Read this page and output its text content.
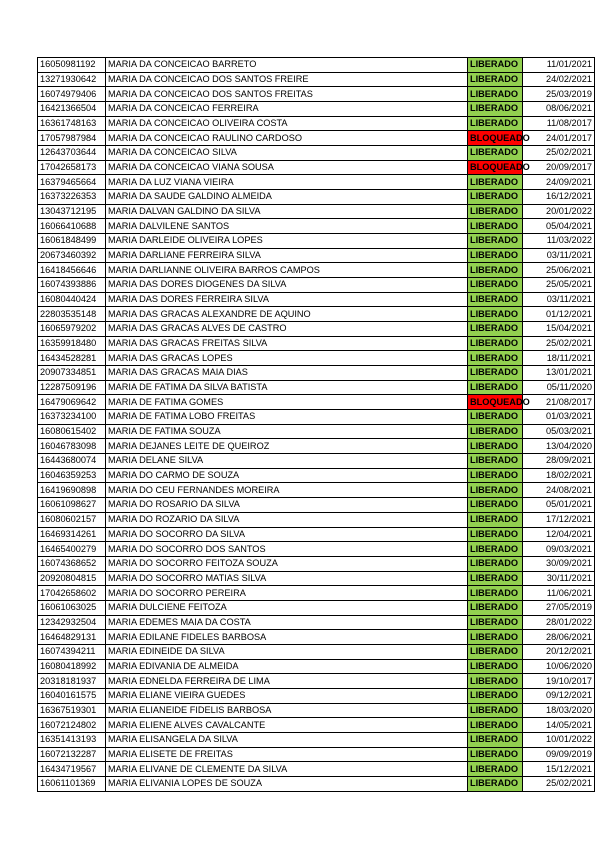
16050981192	MARIA DA CONCEICAO BARRETO	LIBERADO	11/01/2021
13271930642	MARIA DA CONCEICAO DOS SANTOS FREIRE	LIBERADO	24/02/2021
16074979406	MARIA DA CONCEICAO DOS SANTOS FREITAS	LIBERADO	25/03/2019
16421366504	MARIA DA CONCEICAO FERREIRA	LIBERADO	08/06/2021
16361748163	MARIA DA CONCEICAO OLIVEIRA COSTA	LIBERADO	11/08/2017
17057987984	MARIA DA CONCEICAO RAULINO CARDOSO	BLOQUEADO	24/01/2017
12643703644	MARIA DA CONCEICAO SILVA	LIBERADO	25/02/2021
17042658173	MARIA DA CONCEICAO VIANA SOUSA	BLOQUEADO	20/09/2017
16379465664	MARIA DA LUZ VIANA VIEIRA	LIBERADO	24/09/2021
16373226353	MARIA DA SAUDE GALDINO ALMEIDA	LIBERADO	16/12/2021
13043712195	MARIA DALVAN GALDINO DA SILVA	LIBERADO	20/01/2022
16066410688	MARIA DALVILENE SANTOS	LIBERADO	05/04/2021
16061848499	MARIA DARLEIDE OLIVEIRA LOPES	LIBERADO	11/03/2022
20673460392	MARIA DARLIANE FERREIRA SILVA	LIBERADO	03/11/2021
16418456646	MARIA DARLIANNE OLIVEIRA BARROS CAMPOS	LIBERADO	25/06/2021
16074393886	MARIA DAS DORES DIOGENES DA SILVA	LIBERADO	25/05/2021
16080440424	MARIA DAS DORES FERREIRA SILVA	LIBERADO	03/11/2021
22803535148	MARIA DAS GRACAS ALEXANDRE DE AQUINO	LIBERADO	01/12/2021
16065979202	MARIA DAS GRACAS ALVES DE CASTRO	LIBERADO	15/04/2021
16359918480	MARIA DAS GRACAS FREITAS SILVA	LIBERADO	25/02/2021
16434528281	MARIA DAS GRACAS LOPES	LIBERADO	18/11/2021
20907334851	MARIA DAS GRACAS MAIA DIAS	LIBERADO	13/01/2021
12287509196	MARIA DE FATIMA DA SILVA BATISTA	LIBERADO	05/11/2020
16479069642	MARIA DE FATIMA GOMES	BLOQUEADO	21/08/2017
16373234100	MARIA DE FATIMA LOBO FREITAS	LIBERADO	01/03/2021
16080615402	MARIA DE FATIMA SOUZA	LIBERADO	05/03/2021
16046783098	MARIA DEJANES LEITE DE QUEIROZ	LIBERADO	13/04/2020
16443680074	MARIA DELANE SILVA	LIBERADO	28/09/2021
16046359253	MARIA DO CARMO DE SOUZA	LIBERADO	18/02/2021
16419690898	MARIA DO CEU FERNANDES MOREIRA	LIBERADO	24/08/2021
16061098627	MARIA DO ROSARIO DA SILVA	LIBERADO	05/01/2021
16080602157	MARIA DO ROZARIO DA SILVA	LIBERADO	17/12/2021
16469314261	MARIA DO SOCORRO DA SILVA	LIBERADO	12/04/2021
16465400279	MARIA DO SOCORRO DOS SANTOS	LIBERADO	09/03/2021
16074368652	MARIA DO SOCORRO FEITOZA SOUZA	LIBERADO	30/09/2021
20920804815	MARIA DO SOCORRO MATIAS SILVA	LIBERADO	30/11/2021
17042658602	MARIA DO SOCORRO PEREIRA	LIBERADO	11/06/2021
16061063025	MARIA DULCIENE FEITOZA	LIBERADO	27/05/2019
12342932504	MARIA EDEMES MAIA DA COSTA	LIBERADO	28/01/2022
16464829131	MARIA EDILANE FIDELES BARBOSA	LIBERADO	28/06/2021
16074394211	MARIA EDINEIDE DA SILVA	LIBERADO	20/12/2021
16080418992	MARIA EDIVANIA DE ALMEIDA	LIBERADO	10/06/2020
20318181937	MARIA EDNELDA FERREIRA DE LIMA	LIBERADO	19/10/2017
16040161575	MARIA ELIANE VIEIRA GUEDES	LIBERADO	09/12/2021
16367519301	MARIA ELIANEIDE FIDELIS BARBOSA	LIBERADO	18/03/2020
16072124802	MARIA ELIENE ALVES CAVALCANTE	LIBERADO	14/05/2021
16351413193	MARIA ELISANGELA DA SILVA	LIBERADO	10/01/2022
16072132287	MARIA ELISETE DE FREITAS	LIBERADO	09/09/2019
16434719567	MARIA ELIVANE DE CLEMENTE DA SILVA	LIBERADO	15/12/2021
16061101369	MARIA ELIVANIA LOPES DE SOUZA	LIBERADO	25/02/2021
